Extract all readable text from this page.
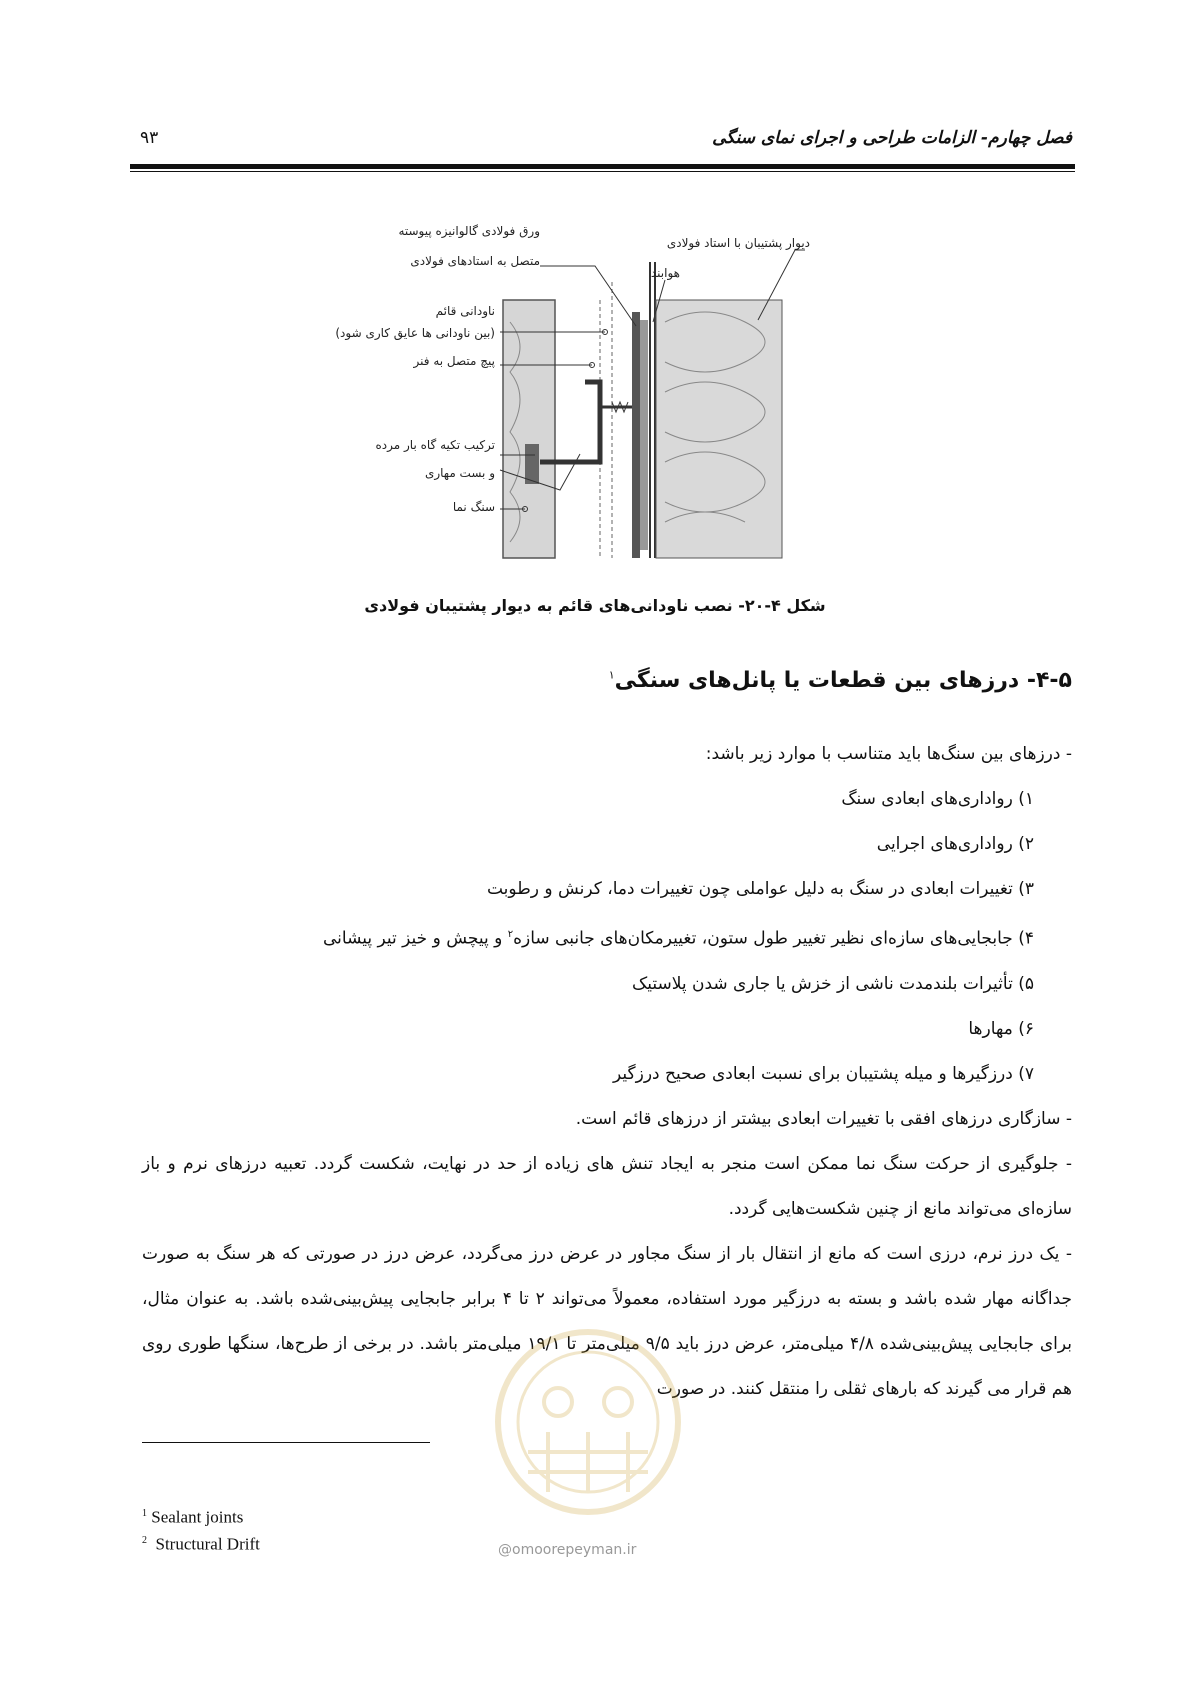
فصل چهارم- الزامات طراحی و اجرای نمای سنگی
۹۳
ورق فولادی گالوانیزه پیوسته
متصل به استادهای فولادی
دیوار پشتیبان با استاد فولادی
هوابند
ناودانی قائم
(بین ناودانی ها عایق کاری شود)
پیچ متصل به فنر
ترکیب تکیه گاه بار مرده
و بست مهاری
سنگ نما
شکل ۴-۲۰- نصب ناودانی‌های قائم به دیوار پشتیبان فولادی
۴-۵- درزهای بین قطعات یا پانل‌های سنگی$^۱$

- درزهای بین سنگ‌ها باید متناسب با موارد زیر باشد:

۱) رواداری‌های ابعادی سنگ

۲) رواداری‌های اجرایی

۳) تغییرات ابعادی در سنگ به دلیل عواملی چون تغییرات دما، کرنش و رطوبت

۴) جابجایی‌های سازه‌ای نظیر تغییر طول ستون، تغییرمکان‌های جانبی سازه$^۲$ و پیچش و خیز تیر پیشانی

۵) تأثیرات بلندمدت ناشی از خزش یا جاری شدن پلاستیک

۶) مهارها

۷) درزگیرها و میله پشتیبان برای نسبت ابعادی صحیح درزگیر

- سازگاری درزهای افقی با تغییرات ابعادی بیشتر از درزهای قائم است.

- جلوگیری از حرکت سنگ نما ممکن است منجر به ایجاد تنش های زیاده از حد در نهایت، شکست گردد. تعبیه درزهای نرم و باز سازه‌ای می‌تواند مانع از چنین شکست‌هایی گردد.

- یک درز نرم، درزی است که مانع از انتقال بار از سنگ مجاور در عرض درز می‌گردد، عرض درز در صورتی که هر سنگ به صورت جداگانه مهار شده باشد و بسته به درزگیر مورد استفاده، معمولاً می‌تواند ۲ تا ۴ برابر جابجایی پیش‌بینی‌شده باشد. به عنوان مثال، برای جابجایی پیش‌بینی‌شده ۴/۸ میلی‌متر، عرض درز باید ۹/۵ میلی‌متر تا ۱۹/۱ میلی‌متر باشد. در برخی از طرح‌ها، سنگها طوری روی هم قرار می گیرند که بارهای ثقلی را منتقل کنند. در صورت

@omoorepeyman.ir
$^1$ Sealant joints
$^2$ Structural Drift
